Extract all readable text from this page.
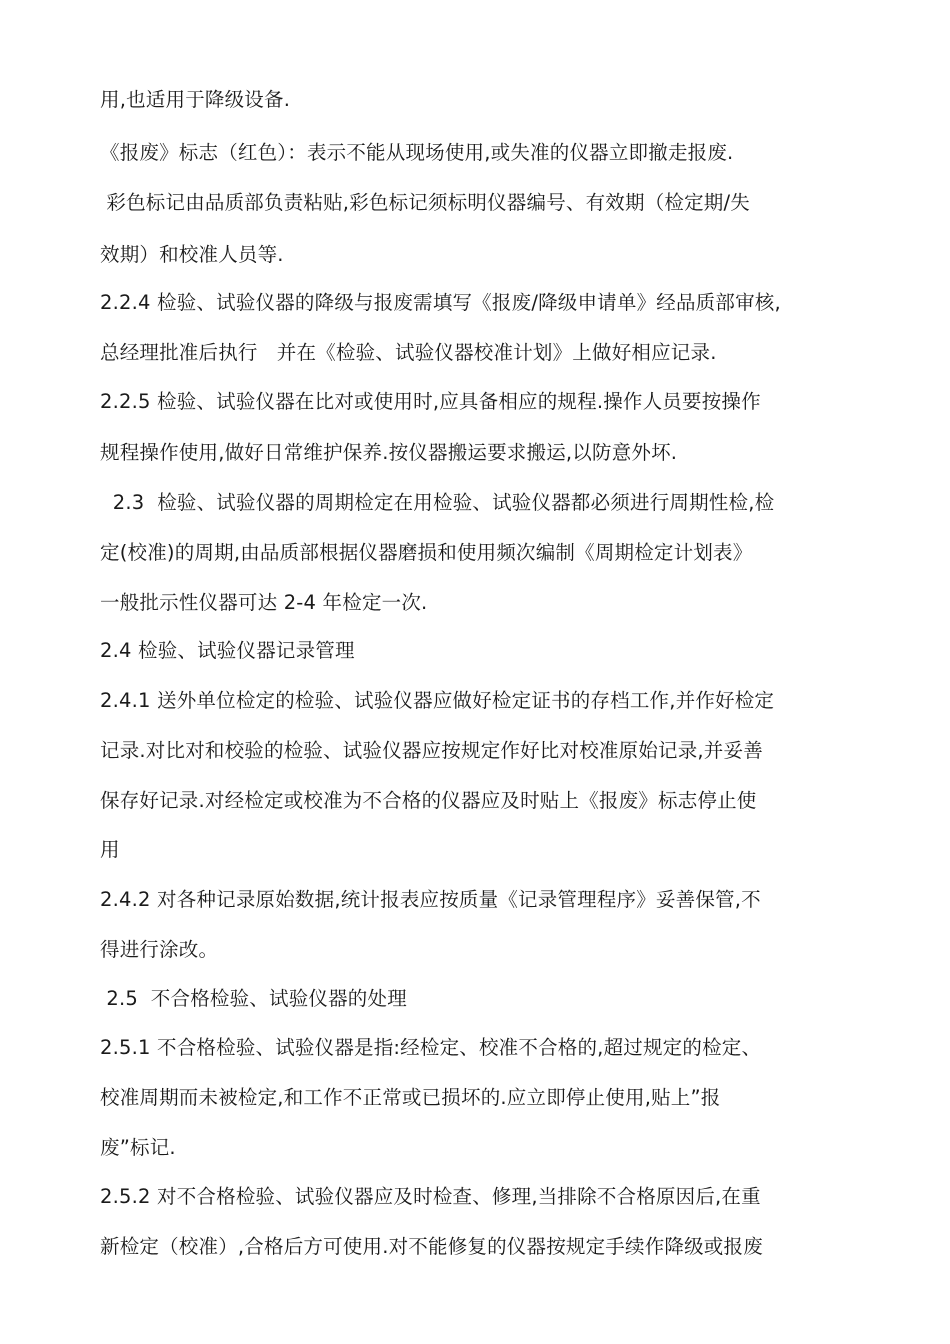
用,也适用于降级设备.
《报废》标志（红色）：表示不能从现场使用,或失准的仪器立即撤走报废.
彩色标记由品质部负责粘贴,彩色标记须标明仪器编号、有效期（检定期/失
效期）和校准人员等.
2.2.4 检验、试验仪器的降级与报废需填写《报废/降级申请单》经品质部审核,
总经理批准后执行   并在《检验、试验仪器校准计划》上做好相应记录.
2.2.5 检验、试验仪器在比对或使用时,应具备相应的规程.操作人员要按操作
规程操作使用,做好日常维护保养.按仪器搬运要求搬运,以防意外坏.
2.3  检验、试验仪器的周期检定在用检验、试验仪器都必须进行周期性检,检
定(校准)的周期,由品质部根据仪器磨损和使用频次编制《周期检定计划表》
一般批示性仪器可达 2-4 年检定一次.
2.4 检验、试验仪器记录管理
2.4.1 送外单位检定的检验、试验仪器应做好检定证书的存档工作,并作好检定
记录.对比对和校验的检验、试验仪器应按规定作好比对校准原始记录,并妥善
保存好记录.对经检定或校准为不合格的仪器应及时贴上《报废》标志停止使
用
2.4.2 对各种记录原始数据,统计报表应按质量《记录管理程序》妥善保管,不
得进行涂改。
2.5  不合格检验、试验仪器的处理
2.5.1 不合格检验、试验仪器是指:经检定、校准不合格的,超过规定的检定、
校准周期而未被检定,和工作不正常或已损坏的.应立即停止使用,贴上”报
废”标记.
2.5.2 对不合格检验、试验仪器应及时检查、修理,当排除不合格原因后,在重
新检定（校准）,合格后方可使用.对不能修复的仪器按规定手续作降级或报废
